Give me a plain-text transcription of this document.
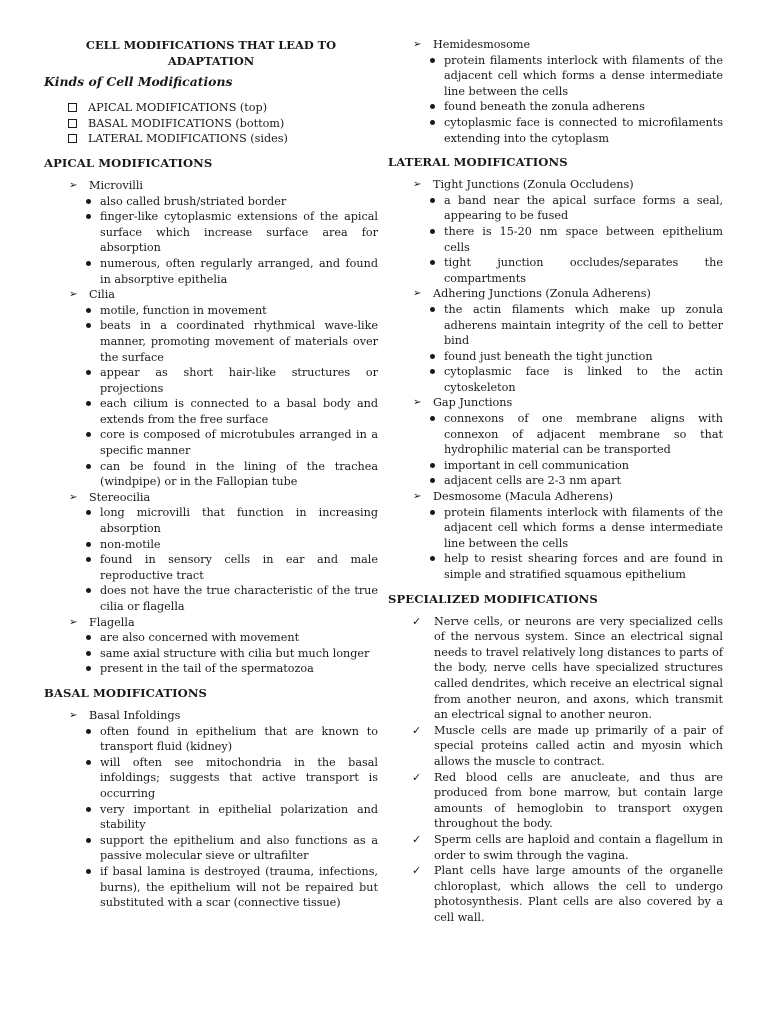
CELL MODIFICATIONS THAT LEAD TO ADAPTATION
Kinds of Cell Modifications
APICAL MODIFICATIONS (top)
BASAL MODIFICATIONS (bottom)
LATERAL MODIFICATIONS (sides)
APICAL MODIFICATIONS
➢ Microvilli
also called brush/striated border
finger-like cytoplasmic extensions of the apical surface which increase surface area for absorption
numerous, often regularly arranged, and found in absorptive epithelia
➢ Cilia
motile, function in movement
beats in a coordinated rhythmical wave-like manner, promoting movement of materials over the surface
appear as short hair-like structures or projections
each cilium is connected to a basal body and extends from the free surface
core is composed of microtubules arranged in a specific manner
can be found in the lining of the trachea (windpipe) or in the Fallopian tube
➢ Stereocilia
long microvilli that function in increasing absorption
non-motile
found in sensory cells in ear and male reproductive tract
does not have the true characteristic of the true cilia or flagella
➢ Flagella
are also concerned with movement
same axial structure with cilia but much longer
present in the tail of the spermatozoa
BASAL MODIFICATIONS
➢ Basal Infoldings
often found in epithelium that are known to transport fluid (kidney)
will often see mitochondria in the basal infoldings; suggests that active transport is occurring
very important in epithelial polarization and stability
support the epithelium and also functions as a passive molecular sieve or ultrafilter
if basal lamina is destroyed (trauma, infections, burns), the epithelium will not be repaired but substituted with a scar (connective tissue)
➢ Hemidesmosome
protein filaments interlock with filaments of the adjacent cell which forms a dense intermediate line between the cells
found beneath the zonula adherens
cytoplasmic face is connected to microfilaments extending into the cytoplasm
LATERAL MODIFICATIONS
➢ Tight Junctions (Zonula Occludens)
a band near the apical surface forms a seal, appearing to be fused
there is 15-20 nm space between epithelium cells
tight junction occludes/separates the compartments
➢ Adhering Junctions (Zonula Adherens)
the actin filaments which make up zonula adherens maintain integrity of the cell to better bind
found just beneath the tight junction
cytoplasmic face is linked to the actin cytoskeleton
➢ Gap Junctions
connexons of one membrane aligns with connexon of adjacent membrane so that hydrophilic material can be transported
important in cell communication
adjacent cells are 2-3 nm apart
➢ Desmosome (Macula Adherens)
protein filaments interlock with filaments of the adjacent cell which forms a dense intermediate line between the cells
help to resist shearing forces and are found in simple and stratified squamous epithelium
SPECIALIZED MODIFICATIONS
✓ Nerve cells, or neurons are very specialized cells of the nervous system. Since an electrical signal needs to travel relatively long distances to parts of the body, nerve cells have specialized structures called dendrites, which receive an electrical signal from another neuron, and axons, which transmit an electrical signal to another neuron.
✓ Muscle cells are made up primarily of a pair of special proteins called actin and myosin which allows the muscle to contract.
✓ Red blood cells are anucleate, and thus are produced from bone marrow, but contain large amounts of hemoglobin to transport oxygen throughout the body.
✓ Sperm cells are haploid and contain a flagellum in order to swim through the vagina.
✓ Plant cells have large amounts of the organelle chloroplast, which allows the cell to undergo photosynthesis. Plant cells are also covered by a cell wall.
